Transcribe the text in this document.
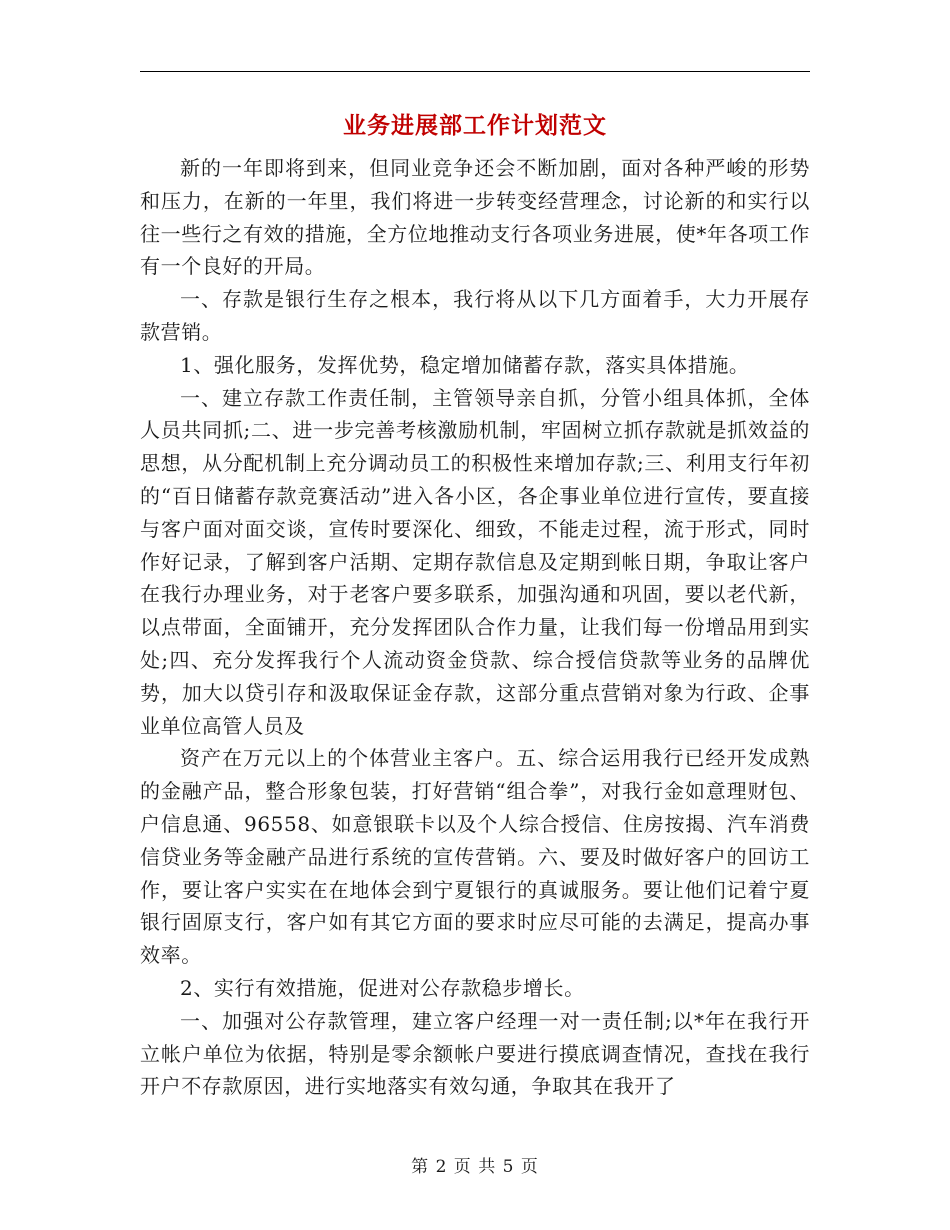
业务进展部工作计划范文

新的一年即将到来，但同业竞争还会不断加剧，面对各种严峻的形势和压力，在新的一年里，我们将进一步转变经营理念，讨论新的和实行以往一些行之有效的措施，全方位地推动支行各项业务进展，使*年各项工作有一个良好的开局。

一、存款是银行生存之根本，我行将从以下几方面着手，大力开展存款营销。

1、强化服务，发挥优势，稳定增加储蓄存款，落实具体措施。

一、建立存款工作责任制，主管领导亲自抓，分管小组具体抓，全体人员共同抓;二、进一步完善考核激励机制，牢固树立抓存款就是抓效益的思想，从分配机制上充分调动员工的积极性来增加存款;三、利用支行年初的“百日储蓄存款竞赛活动”进入各小区，各企事业单位进行宣传，要直接与客户面对面交谈，宣传时要深化、细致，不能走过程，流于形式，同时作好记录，了解到客户活期、定期存款信息及定期到帐日期，争取让客户在我行办理业务，对于老客户要多联系，加强沟通和巩固，要以老代新，以点带面，全面铺开，充分发挥团队合作力量，让我们每一份增品用到实处;四、充分发挥我行个人流动资金贷款、综合授信贷款等业务的品牌优势，加大以贷引存和汲取保证金存款，这部分重点营销对象为行政、企事业单位高管人员及

资产在万元以上的个体营业主客户。五、综合运用我行已经开发成熟的金融产品，整合形象包装，打好营销“组合拳”，对我行金如意理财包、户信息通、96558、如意银联卡以及个人综合授信、住房按揭、汽车消费信贷业务等金融产品进行系统的宣传营销。六、要及时做好客户的回访工作，要让客户实实在在地体会到宁夏银行的真诚服务。要让他们记着宁夏银行固原支行，客户如有其它方面的要求时应尽可能的去满足，提高办事效率。

2、实行有效措施，促进对公存款稳步增长。

一、加强对公存款管理，建立客户经理一对一责任制;以*年在我行开立帐户单位为依据，特别是零余额帐户要进行摸底调查情况，查找在我行开户不存款原因，进行实地落实有效勾通，争取其在我开了

第 2 页 共 5 页
